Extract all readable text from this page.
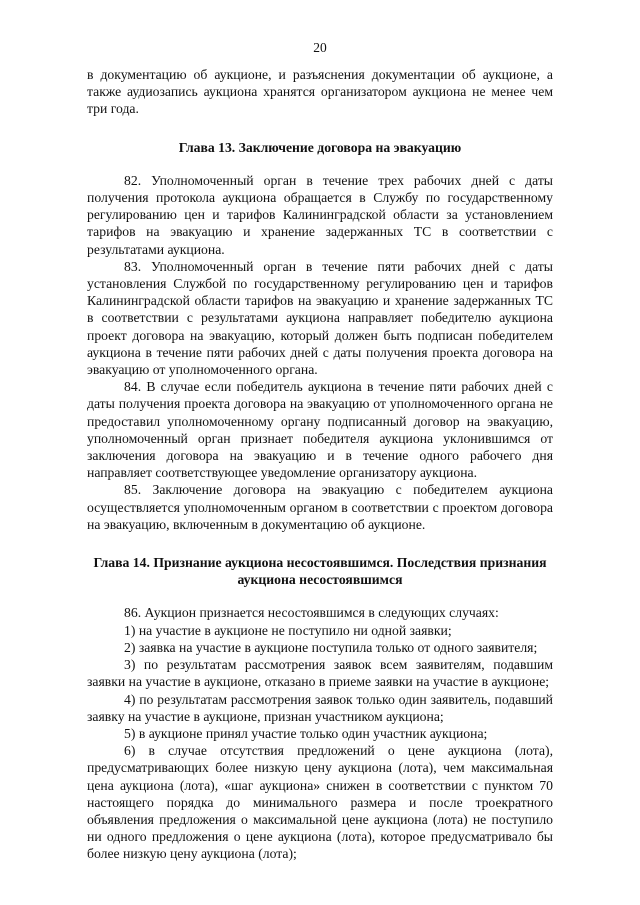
20

в документацию об аукционе, и разъяснения документации об аукционе, а также аудиозапись аукциона хранятся организатором аукциона не менее чем три года.

Глава 13. Заключение договора на эвакуацию

82. Уполномоченный орган в течение трех рабочих дней с даты получения протокола аукциона обращается в Службу по государственному регулированию цен и тарифов Калининградской области за установлением тарифов на эвакуацию и хранение задержанных ТС в соответствии с результатами аукциона.

83. Уполномоченный орган в течение пяти рабочих дней с даты установления Службой по государственному регулированию цен и тарифов Калининградской области тарифов на эвакуацию и хранение задержанных ТС в соответствии с результатами аукциона направляет победителю аукциона проект договора на эвакуацию, который должен быть подписан победителем аукциона в течение пяти рабочих дней с даты получения проекта договора на эвакуацию от уполномоченного органа.

84. В случае если победитель аукциона в течение пяти рабочих дней с даты получения проекта договора на эвакуацию от уполномоченного органа не предоставил уполномоченному органу подписанный договор на эвакуацию, уполномоченный орган признает победителя аукциона уклонившимся от заключения договора на эвакуацию и в течение одного рабочего дня направляет соответствующее уведомление организатору аукциона.

85. Заключение договора на эвакуацию с победителем аукциона осуществляется уполномоченным органом в соответствии с проектом договора на эвакуацию, включенным в документацию об аукционе.

Глава 14. Признание аукциона несостоявшимся. Последствия признания
аукциона несостоявшимся

86. Аукцион признается несостоявшимся в следующих случаях:

1) на участие в аукционе не поступило ни одной заявки;

2) заявка на участие в аукционе поступила только от одного заявителя;

3) по результатам рассмотрения заявок всем заявителям, подавшим заявки на участие в аукционе, отказано в приеме заявки на участие в аукционе;

4) по результатам рассмотрения заявок только один заявитель, подавший заявку на участие в аукционе, признан участником аукциона;

5) в аукционе принял участие только один участник аукциона;

6) в случае отсутствия предложений о цене аукциона (лота), предусматривающих более низкую цену аукциона (лота), чем максимальная цена аукциона (лота), «шаг аукциона» снижен в соответствии с пунктом 70 настоящего порядка до минимального размера и после троекратного объявления предложения о максимальной цене аукциона (лота) не поступило ни одного предложения о цене аукциона (лота), которое предусматривало бы более низкую цену аукциона (лота);
